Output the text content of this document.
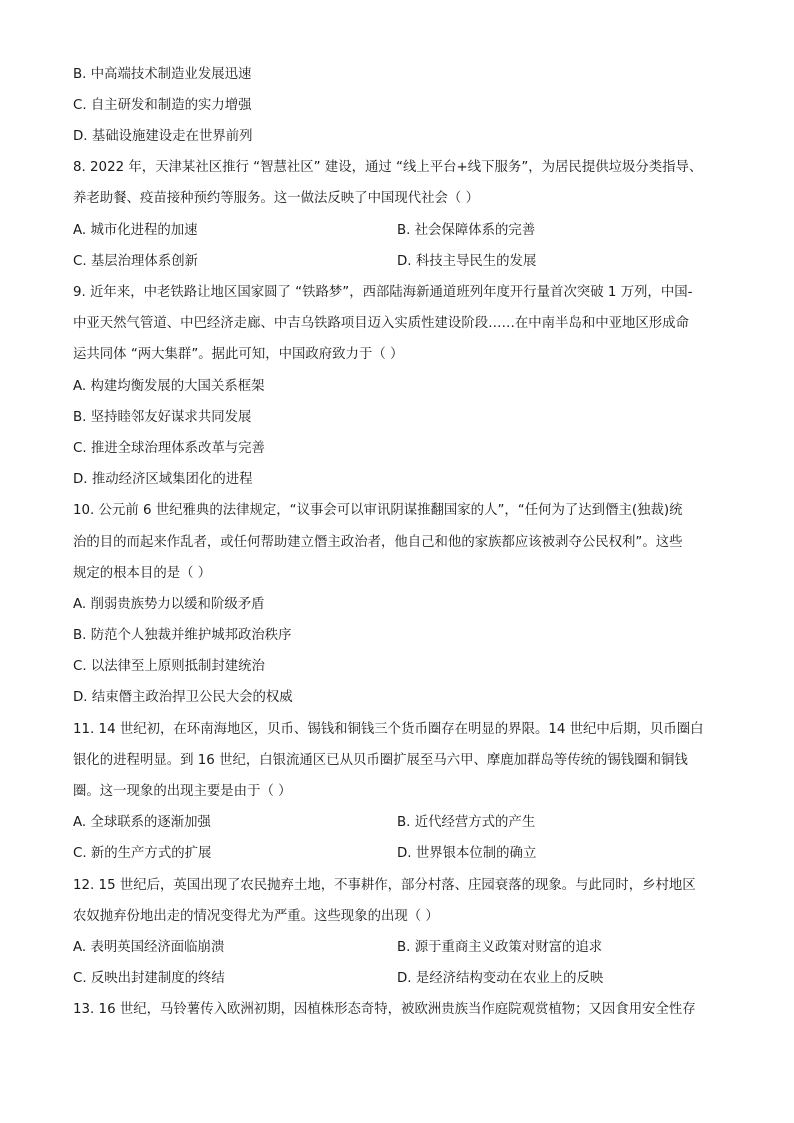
B. 中高端技术制造业发展迅速
C. 自主研发和制造的实力增强
D. 基础设施建设走在世界前列
8. 2022 年，天津某社区推行 “智慧社区” 建设，通过 “线上平台+线下服务”，为居民提供垃圾分类指导、
养老助餐、疫苗接种预约等服务。这一做法反映了中国现代社会（ ）
A. 城市化进程的加速	B. 社会保障体系的完善
C. 基层治理体系创新	D. 科技主导民生的发展
9. 近年来，中老铁路让地区国家圆了 “铁路梦”，西部陆海新通道班列年度开行量首次突破 1 万列，中国-
中亚天然气管道、中巴经济走廊、中吉乌铁路项目迈入实质性建设阶段……在中南半岛和中亚地区形成命
运共同体 “两大集群”。据此可知，中国政府致力于（ ）
A. 构建均衡发展的大国关系框架
B. 坚持睦邻友好谋求共同发展
C. 推进全球治理体系改革与完善
D. 推动经济区域集团化的进程
10. 公元前 6 世纪雅典的法律规定，“议事会可以审讯阴谋推翻国家的人”，“任何为了达到僭主(独裁)统
治的目的而起来作乱者，或任何帮助建立僭主政治者，他自己和他的家族都应该被剥夺公民权利”。这些
规定的根本目的是（ ）
A. 削弱贵族势力以缓和阶级矛盾
B. 防范个人独裁并维护城邦政治秩序
C. 以法律至上原则抵制封建统治
D. 结束僭主政治捍卫公民大会的权威
11. 14 世纪初，在环南海地区，贝币、锡钱和铜钱三个货币圈存在明显的界限。14 世纪中后期，贝币圈白
银化的进程明显。到 16 世纪，白银流通区已从贝币圈扩展至马六甲、摩鹿加群岛等传统的锡钱圈和铜钱
圈。这一现象的出现主要是由于（ ）
A. 全球联系的逐渐加强	B. 近代经营方式的产生
C. 新的生产方式的扩展	D. 世界银本位制的确立
12. 15 世纪后，英国出现了农民抛弃土地，不事耕作，部分村落、庄园衰落的现象。与此同时，乡村地区
农奴抛弃份地出走的情况变得尤为严重。这些现象的出现（ ）
A. 表明英国经济面临崩溃	B. 源于重商主义政策对财富的追求
C. 反映出封建制度的终结	D. 是经济结构变动在农业上的反映
13. 16 世纪，马铃薯传入欧洲初期，因植株形态奇特，被欧洲贵族当作庭院观赏植物；又因食用安全性存
